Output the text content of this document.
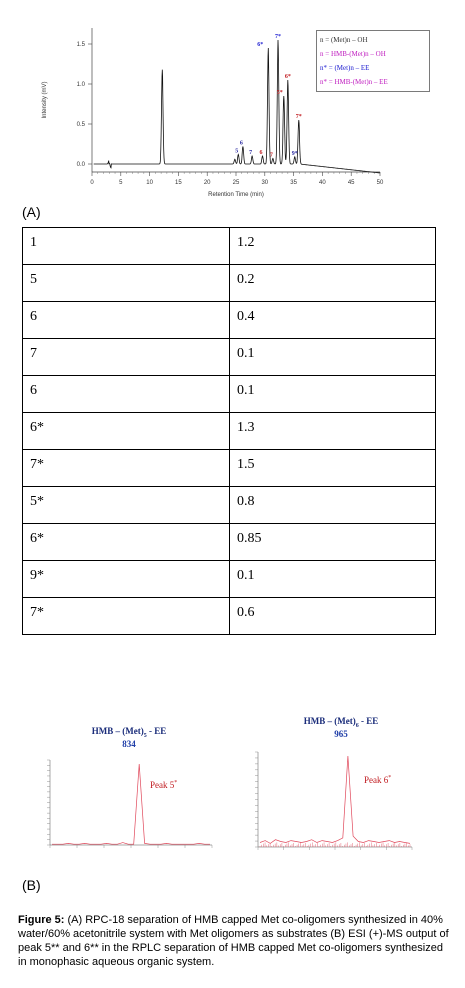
0	5	10	15	20	25	30	35	40	45	50
0.0
0.5
1.0
1.5
Retention Time (min)
Intensity (mV)
5
6
7 6
6*
7
7*
5*
6*
9*
7*
n = (Met)n – OH
n = HMB-(Met)n – OH
n* = (Met)n – EE
n* = HMB-(Met)n – EE
(A)
1	1.2

5	0.2

6	0.4

7	0.1

6	0.1

6*	1.3

7*	1.5

5*	0.8

6*	0.85

9*	0.1

7*	0.6
HMB – $(Met)_5$ - EE
834
Peak 5*
HMB – $(Met)_6$ - EE
965
Peak 6*
(B)
Figure 5: (A) RPC-18 separation of HMB capped Met co-oligomers synthesized in 40% water/60% acetonitrile system with Met oligomers as substrates (B) ESI (+)-MS output of peak 5** and 6** in the RPLC separation of HMB capped Met co-oligomers synthesized in monophasic aqueous organic system.
